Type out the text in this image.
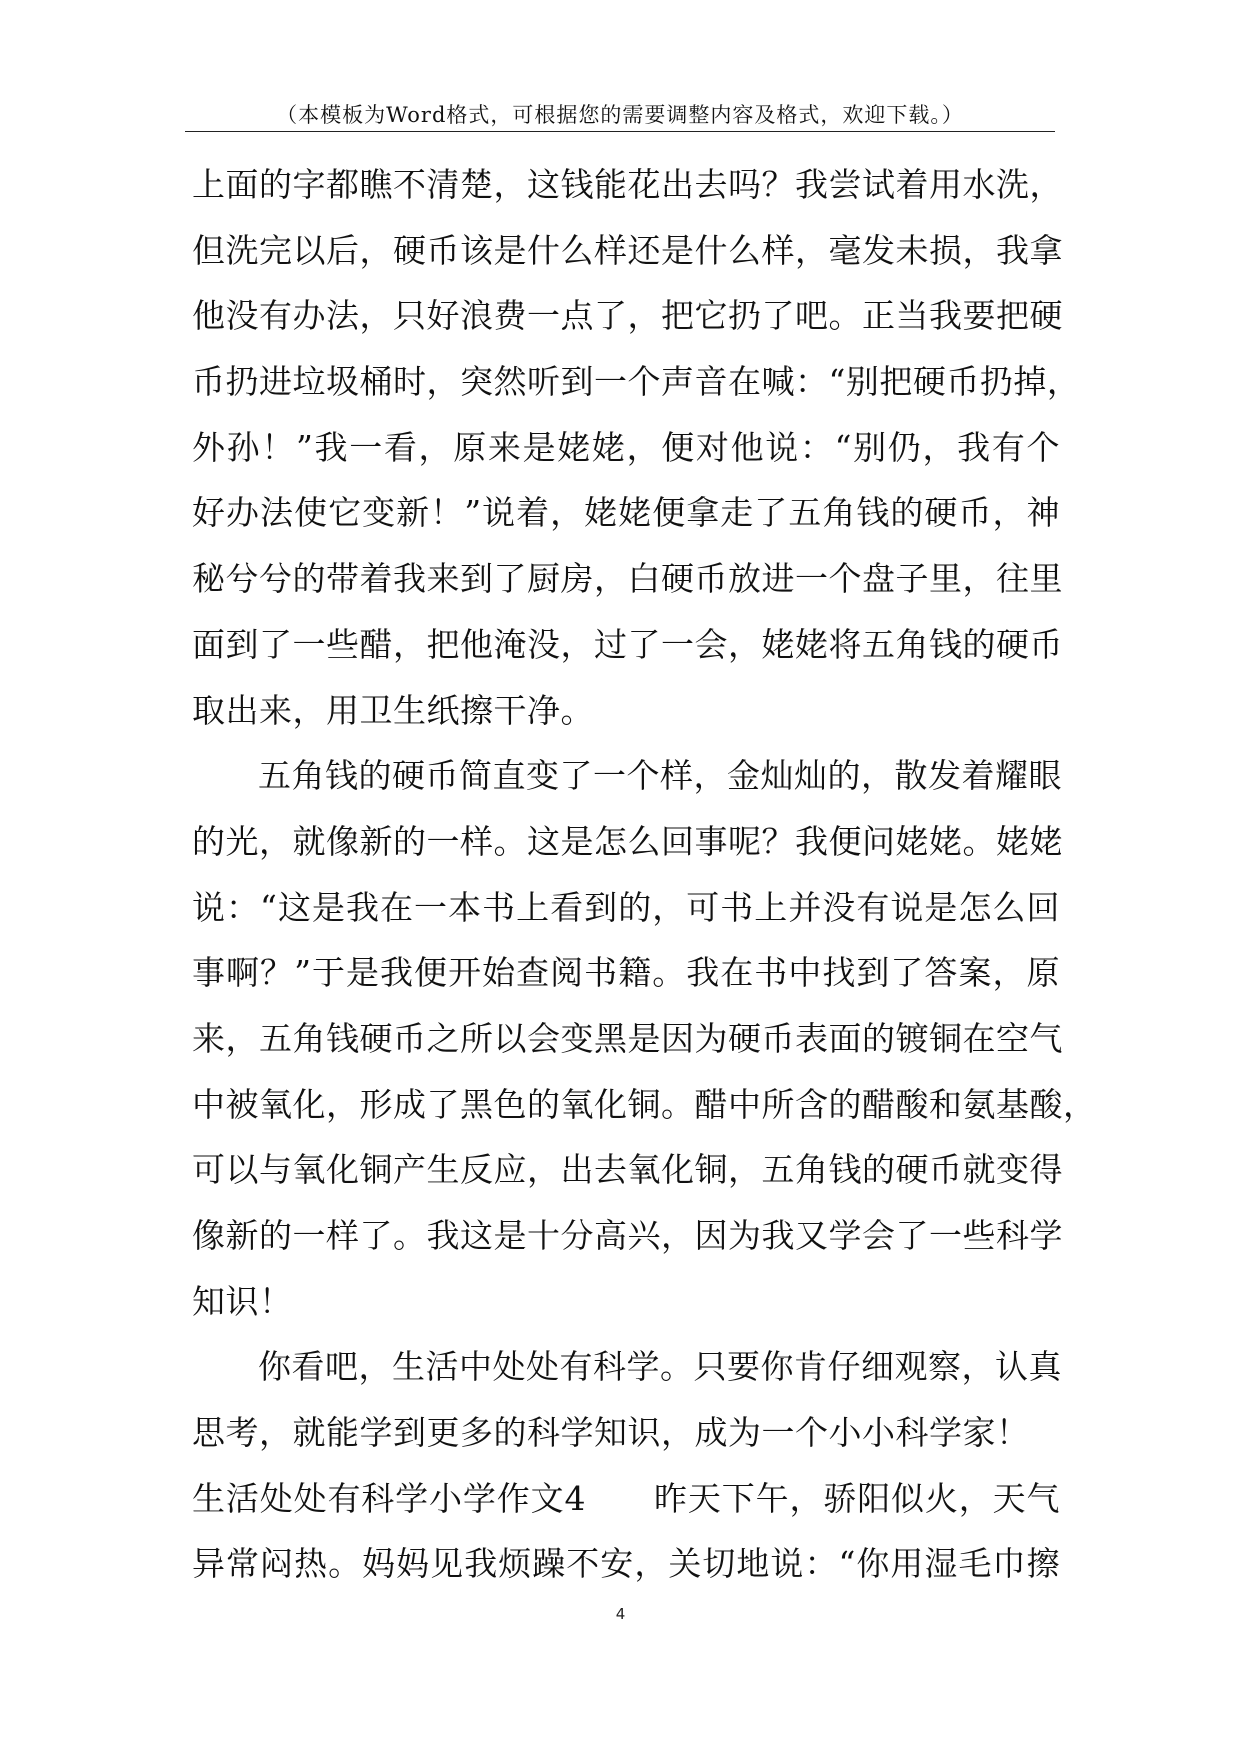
（本模板为Word格式，可根据您的需要调整内容及格式，欢迎下载。）
上面的字都瞧不清楚，这钱能花出去吗？我尝试着用水洗，
但洗完以后，硬币该是什么样还是什么样，毫发未损，我拿
他没有办法，只好浪费一点了，把它扔了吧。正当我要把硬
币扔进垃圾桶时，突然听到一个声音在喊：“别把硬币扔掉，
外孙！”我一看，原来是姥姥，便对他说：“别仍，我有个
好办法使它变新！”说着，姥姥便拿走了五角钱的硬币，神
秘兮兮的带着我来到了厨房，白硬币放进一个盘子里，往里
面到了一些醋，把他淹没，过了一会，姥姥将五角钱的硬币
取出来，用卫生纸擦干净。
五角钱的硬币简直变了一个样，金灿灿的，散发着耀眼
的光，就像新的一样。这是怎么回事呢？我便问姥姥。姥姥
说：“这是我在一本书上看到的，可书上并没有说是怎么回
事啊？”于是我便开始查阅书籍。我在书中找到了答案，原
来，五角钱硬币之所以会变黑是因为硬币表面的镀铜在空气
中被氧化，形成了黑色的氧化铜。醋中所含的醋酸和氨基酸，
可以与氧化铜产生反应，出去氧化铜，五角钱的硬币就变得
像新的一样了。我这是十分高兴，因为我又学会了一些科学
知识！
你看吧，生活中处处有科学。只要你肯仔细观察，认真
思考，就能学到更多的科学知识，成为一个小小科学家！
生活处处有科学小学作文4　　昨天下午，骄阳似火，天气
异常闷热。妈妈见我烦躁不安，关切地说：“你用湿毛巾擦
4
